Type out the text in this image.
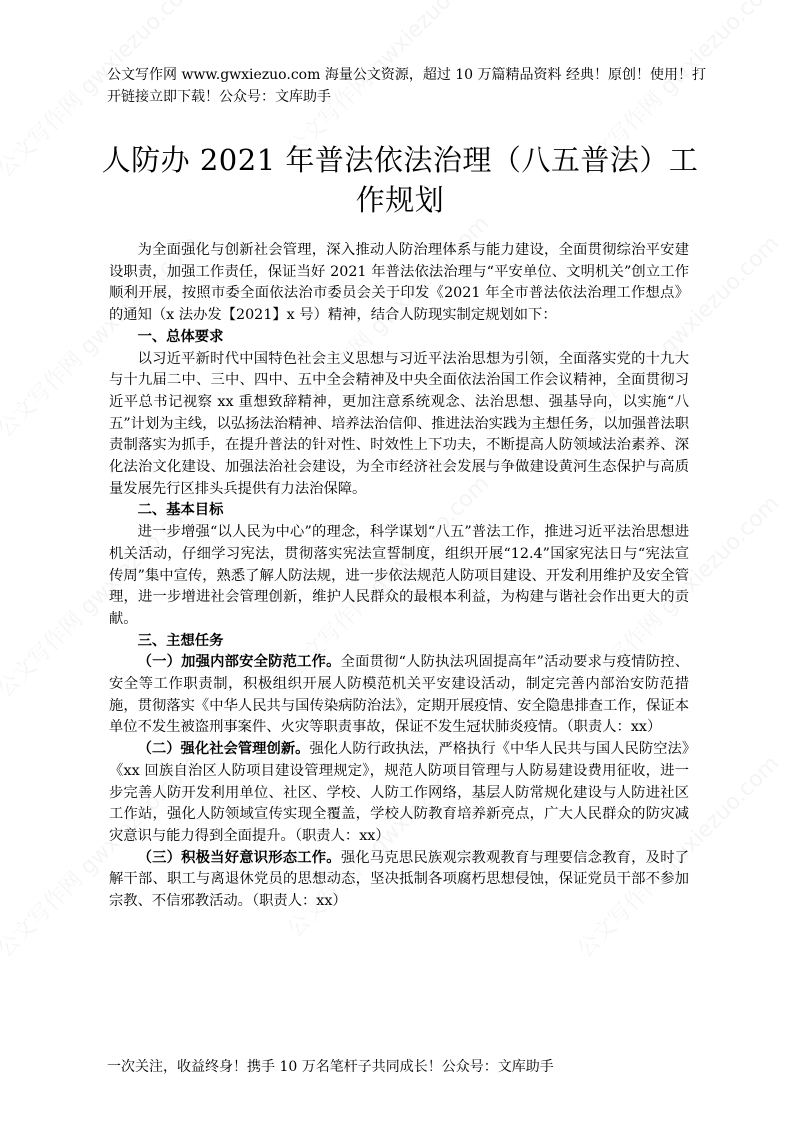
公文写作网 www.gwxiezuo.com 海量公文资源，超过 10 万篇精品资料 经典！原创！使用！打开链接立即下载！公众号：文库助手
人防办 2021 年普法依法治理（八五普法）工
作规划

为全面强化与创新社会管理，深入推动人防治理体系与能力建设，全面贯彻综治平安建设职责，加强工作责任，保证当好 2021 年普法依法治理与“平安单位、文明机关”创立工作顺利开展，按照市委全面依法治市委员会关于印发《2021 年全市普法依法治理工作想点》的通知（x 法办发【2021】x 号）精神，结合人防现实制定规划如下：

一、总体要求

以习近平新时代中国特色社会主义思想与习近平法治思想为引领，全面落实党的十九大与十九届二中、三中、四中、五中全会精神及中央全面依法治国工作会议精神，全面贯彻习近平总书记视察 xx 重想致辞精神，更加注意系统观念、法治思想、强基导向，以实施“八五”计划为主线，以弘扬法治精神、培养法治信仰、推进法治实践为主想任务，以加强普法职责制落实为抓手，在提升普法的针对性、时效性上下功夫，不断提高人防领域法治素养、深化法治文化建设、加强法治社会建设，为全市经济社会发展与争做建设黄河生态保护与高质量发展先行区排头兵提供有力法治保障。

二、基本目标

进一步增强“以人民为中心”的理念，科学谋划“八五”普法工作，推进习近平法治思想进机关活动，仔细学习宪法，贯彻落实宪法宣誓制度，组织开展“12.4”国家宪法日与“宪法宣传周”集中宣传，熟悉了解人防法规，进一步依法规范人防项目建设、开发利用维护及安全管理，进一步增进社会管理创新，维护人民群众的最根本利益，为构建与谐社会作出更大的贡献。

三、主想任务

（一）加强内部安全防范工作。全面贯彻“人防执法巩固提高年”活动要求与疫情防控、安全等工作职责制，积极组织开展人防模范机关平安建设活动，制定完善内部治安防范措施，贯彻落实《中华人民共与国传染病防治法》，定期开展疫情、安全隐患排查工作，保证本单位不发生被盗刑事案件、火灾等职责事故，保证不发生冠状肺炎疫情。（职责人：xx）

（二）强化社会管理创新。强化人防行政执法，严格执行《中华人民共与国人民防空法》《xx 回族自治区人防项目建设管理规定》，规范人防项目管理与人防易建设费用征收，进一步完善人防开发利用单位、社区、学校、人防工作网络，基层人防常规化建设与人防进社区工作站，强化人防领域宣传实现全覆盖，学校人防教育培养新亮点，广大人民群众的防灾减灾意识与能力得到全面提升。（职责人：xx）

（三）积极当好意识形态工作。强化马克思民族观宗教观教育与理要信念教育，及时了解干部、职工与离退休党员的思想动态，坚决抵制各项腐朽思想侵蚀，保证党员干部不参加宗教、不信邪教活动。（职责人：xx）

一次关注，收益终身！携手 10 万名笔杆子共同成长！公众号：文库助手
